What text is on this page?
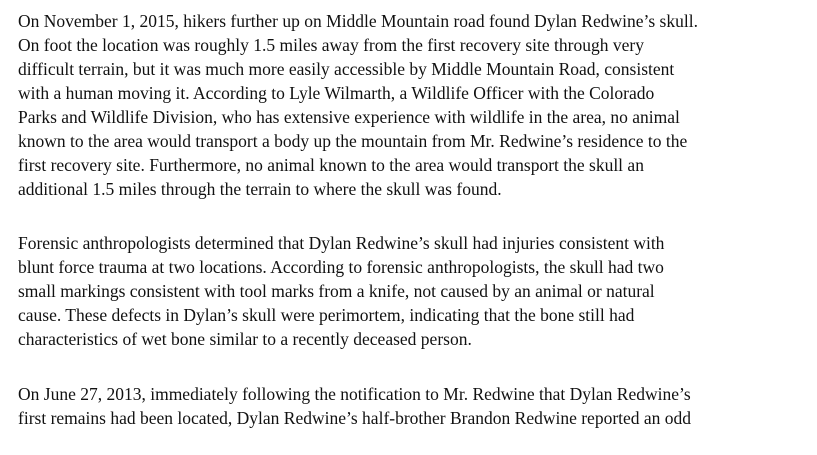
On November 1, 2015, hikers further up on Middle Mountain road found Dylan Redwine’s skull.
On foot the location was roughly 1.5 miles away from the first recovery site through very
difficult terrain, but it was much more easily accessible by Middle Mountain Road, consistent
with a human moving it. According to Lyle Wilmarth, a Wildlife Officer with the Colorado
Parks and Wildlife Division, who has extensive experience with wildlife in the area, no animal
known to the area would transport a body up the mountain from Mr. Redwine’s residence to the
first recovery site. Furthermore, no animal known to the area would transport the skull an
additional 1.5 miles through the terrain to where the skull was found.
Forensic anthropologists determined that Dylan Redwine’s skull had injuries consistent with
blunt force trauma at two locations. According to forensic anthropologists, the skull had two
small markings consistent with tool marks from a knife, not caused by an animal or natural
cause. These defects in Dylan’s skull were perimortem, indicating that the bone still had
characteristics of wet bone similar to a recently deceased person.
On June 27, 2013, immediately following the notification to Mr. Redwine that Dylan Redwine’s
first remains had been located, Dylan Redwine’s half-brother Brandon Redwine reported an odd
